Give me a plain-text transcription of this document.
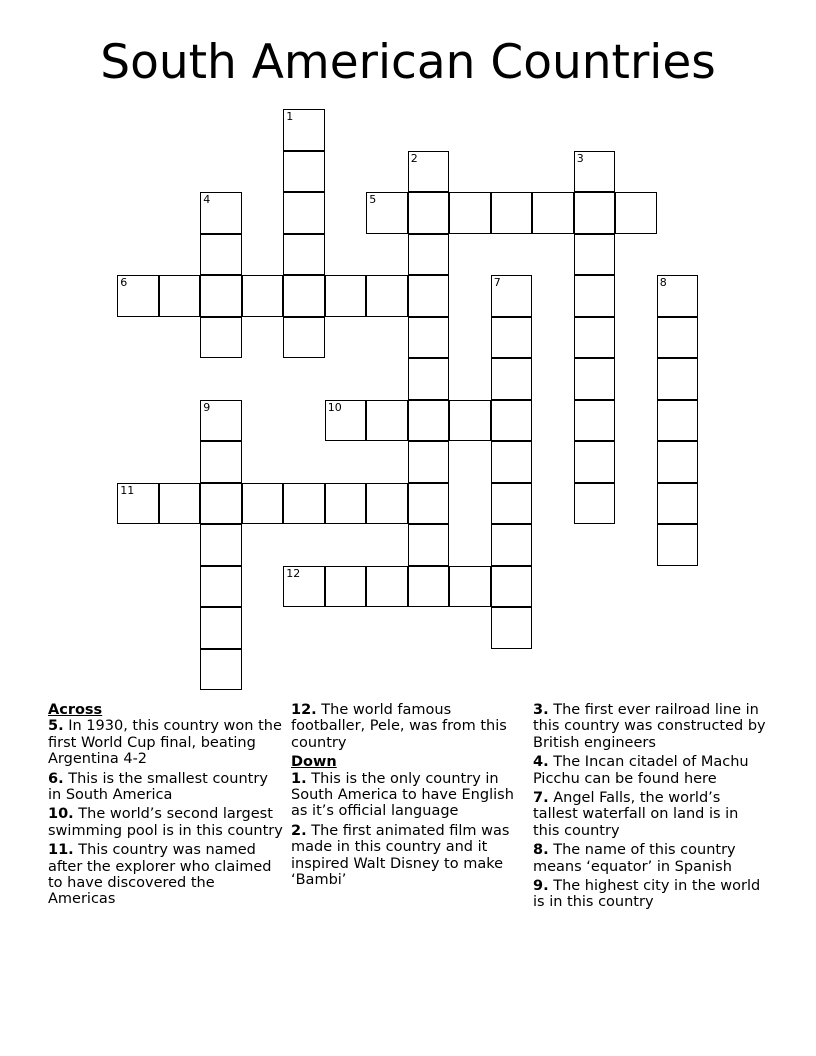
South American Countries
1
2	3
4	5
6	7	8
9	10
11
12
Across
5. In 1930, this country won the first World Cup final, beating Argentina 4-2
6. This is the smallest country in South America
10. The world’s second largest swimming pool is in this country
11. This country was named after the explorer who claimed to have discovered the Americas
12. The world famous footballer, Pele, was from this country
Down
1. This is the only country in South America to have English as it’s official language
2. The first animated film was made in this country and it inspired Walt Disney to make ‘Bambi’
3. The first ever railroad line in this country was constructed by British engineers
4. The Incan citadel of Machu Picchu can be found here
7. Angel Falls, the world’s tallest waterfall on land is in this country
8. The name of this country means ‘equator’ in Spanish
9. The highest city in the world is in this country
